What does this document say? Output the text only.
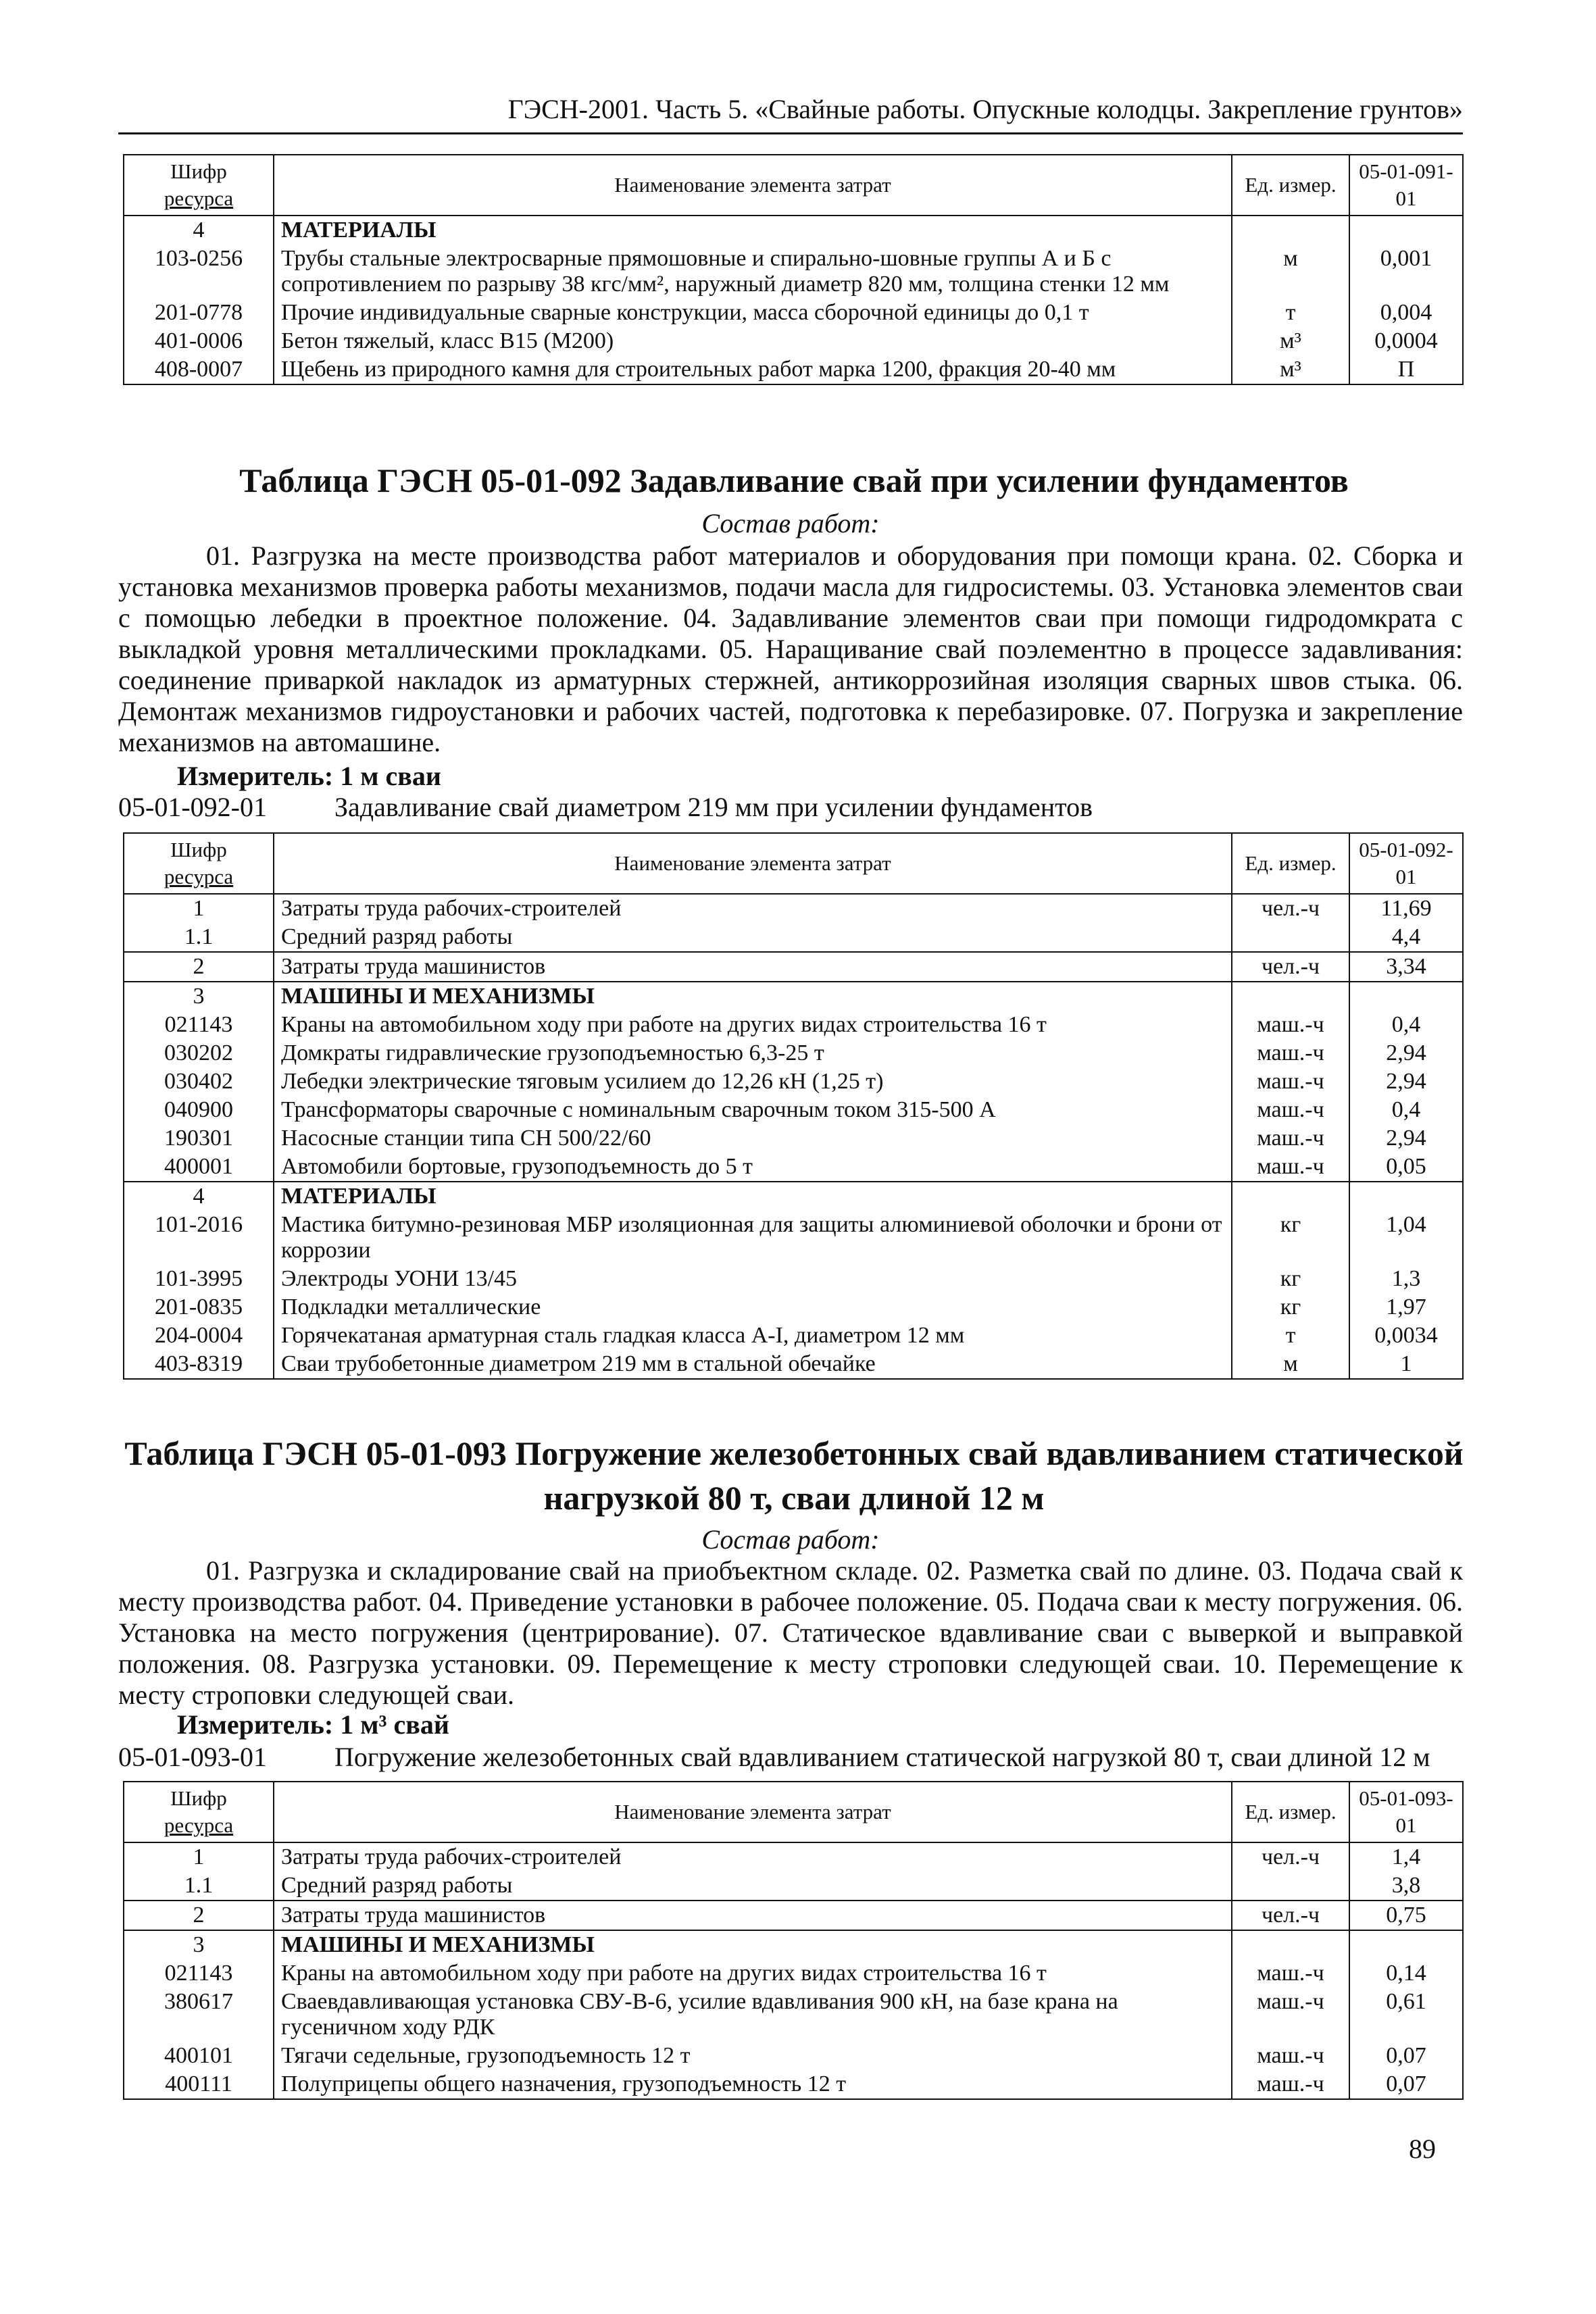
ГЭСН-2001. Часть 5. «Свайные работы. Опускные колодцы. Закрепление грунтов»
Шифр
ресурса	Наименование элемента затрат	Ед. измер.	05-01-091-01
4	МАТЕРИАЛЫ		
103-0256	Трубы стальные электросварные прямошовные и спирально-шовные группы А и Б с сопротивлением по разрыву 38 кгс/мм², наружный диаметр 820 мм, толщина стенки 12 мм	м	0,001
201-0778	Прочие индивидуальные сварные конструкции, масса сборочной единицы до 0,1 т	т	0,004
401-0006	Бетон тяжелый, класс В15 (М200)	м³	0,0004
408-0007	Щебень из природного камня для строительных работ марка 1200, фракция 20-40 мм	м³	П
Таблица ГЭСН 05-01-092 Задавливание свай при усилении фундаментов
Состав работ:
01. Разгрузка на месте производства работ материалов и оборудования при помощи крана. 02. Сборка и установка механизмов проверка работы механизмов, подачи масла для гидросистемы. 03. Установка элементов сваи с помощью лебедки в проектное положение. 04. Задавливание элементов сваи при помощи гидродомкрата с выкладкой уровня металлическими прокладками. 05. Наращивание свай поэлементно в процессе задавливания: соединение приваркой накладок из арматурных стержней, антикоррозийная изоляция сварных швов стыка. 06. Демонтаж механизмов гидроустановки и рабочих частей, подготовка к перебазировке. 07. Погрузка и закрепление механизмов на автомашине.
Измеритель: 1 м сваи
05-01-092-01	Задавливание свай диаметром 219 мм при усилении фундаментов
Шифр
ресурса	Наименование элемента затрат	Ед. измер.	05-01-092-01
1	Затраты труда рабочих-строителей	чел.-ч	11,69
1.1	Средний разряд работы		4,4
2	Затраты труда машинистов	чел.-ч	3,34
3	МАШИНЫ И МЕХАНИЗМЫ		
021143	Краны на автомобильном ходу при работе на других видах строительства 16 т	маш.-ч	0,4
030202	Домкраты гидравлические грузоподъемностью 6,3-25 т	маш.-ч	2,94
030402	Лебедки электрические тяговым усилием до 12,26 кН (1,25 т)	маш.-ч	2,94
040900	Трансформаторы сварочные с номинальным сварочным током 315-500 А	маш.-ч	0,4
190301	Насосные станции типа СН 500/22/60	маш.-ч	2,94
400001	Автомобили бортовые, грузоподъемность до 5 т	маш.-ч	0,05
4	МАТЕРИАЛЫ		
101-2016	Мастика битумно-резиновая МБР изоляционная для защиты алюминиевой оболочки и брони от коррозии	кг	1,04
101-3995	Электроды УОНИ 13/45	кг	1,3
201-0835	Подкладки металлические	кг	1,97
204-0004	Горячекатаная арматурная сталь гладкая класса А-I, диаметром 12 мм	т	0,0034
403-8319	Сваи трубобетонные диаметром 219 мм в стальной обечайке	м	1
Таблица ГЭСН 05-01-093 Погружение железобетонных свай вдавливанием статической
нагрузкой 80 т, сваи длиной 12 м
Состав работ:
01. Разгрузка и складирование свай на приобъектном складе. 02. Разметка свай по длине. 03. Подача свай к месту производства работ. 04. Приведение установки в рабочее положение. 05. Подача сваи к месту погружения. 06. Установка на место погружения (центрирование). 07. Статическое вдавливание сваи с выверкой и выправкой положения. 08. Разгрузка установки. 09. Перемещение к месту строповки следующей сваи. 10. Перемещение к месту строповки следующей сваи.
Измеритель: 1 м³ свай
05-01-093-01	Погружение железобетонных свай вдавливанием статической нагрузкой 80 т, сваи длиной 12 м
Шифр
ресурса	Наименование элемента затрат	Ед. измер.	05-01-093-01
1	Затраты труда рабочих-строителей	чел.-ч	1,4
1.1	Средний разряд работы		3,8
2	Затраты труда машинистов	чел.-ч	0,75
3	МАШИНЫ И МЕХАНИЗМЫ		
021143	Краны на автомобильном ходу при работе на других видах строительства 16 т	маш.-ч	0,14
380617	Сваевдавливающая установка СВУ-В-6, усилие вдавливания 900 кН, на базе крана на гусеничном ходу РДК	маш.-ч	0,61
400101	Тягачи седельные, грузоподъемность 12 т	маш.-ч	0,07
400111	Полуприцепы общего назначения, грузоподъемность 12 т	маш.-ч	0,07
89
